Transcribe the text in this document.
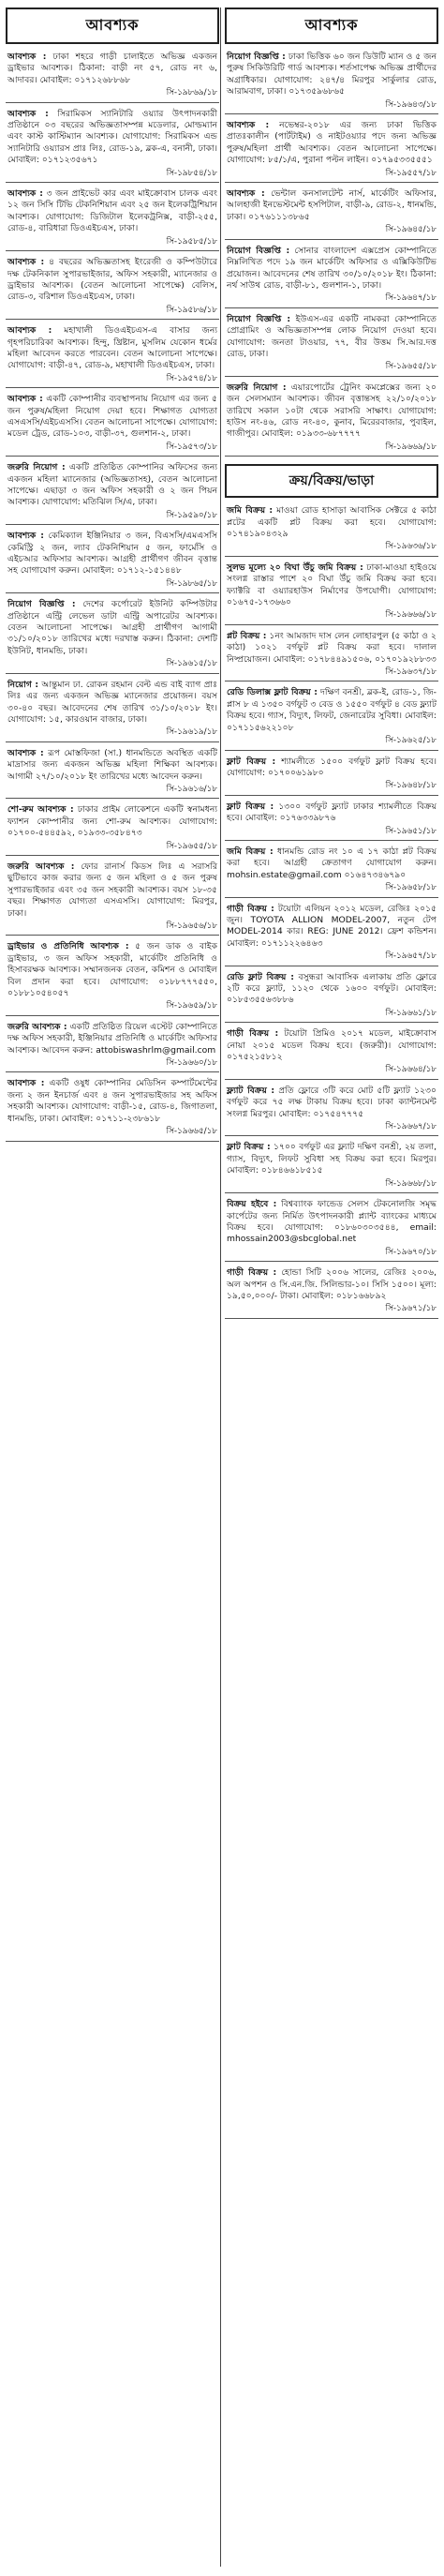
আবশ্যক
আবশ্যক : ঢাকা শহরে গাড়ী চালাইতে অভিজ্ঞ একজন ড্রাইভার আবশ্যক। ঠিকানা: বাড়ী নং ৫৭, রোড নং ৬, আদাবর। মোবাইল: ০১৭১২৬৮৮৬৮
সি-১৯৮৬৯/১৮
আবশ্যক : সিরামিকস স্যানিটারি ওয়্যার উৎপাদনকারী প্রতিষ্ঠানে ০৩ বছরের অভিজ্ঞতাসম্পন্ন মডেলার, মোল্ডম্যান এবং কাস্ট কাস্টিম্যান আবশ্যক। যোগাযোগ: সিরামিকস এন্ড স্যানিটারি ওয়্যারস প্রাঃ লিঃ, রোড-১৯, ব্লক-এ, বনানী, ঢাকা। মোবাইল: ০১৭১২৩৫৬৭১
সি-১৯৮৫৪/১৮
আবশ্যক : ৩ জন প্রাইভেট কার এবং মাইক্রোবাস চালক এবং ১২ জন সিসি টিভি টেকনিশিয়ান এবং ২৫ জন ইলেকট্রিশিয়ান আবশ্যক। যোগাযোগ: ডিজিটাল ইলেকট্রনিক্স, বাড়ী-২৫৫, রোড-৪, বারিধারা ডিওএইচএস, ঢাকা।
সি-১৯৫৮৫/১৮
আবশ্যক : ৪ বছরের অভিজ্ঞতাসহ ইংরেজী ও কম্পিউটারে দক্ষ টেকনিকাল সুপারভাইজার, অফিস সহকারী, ম্যানেজার ও ড্রাইভার আবশ্যক। (বেতন আলোচনা সাপেক্ষে) বেলিস, রোড-৩, বরিশাল ডিওএইচএস, ঢাকা।
সি-১৯৫৮৬/১৮
আবশ্যক : মহাখালী ডিওএইচএস-এ বাসার জন্য গৃহপরিচারিকা আবশ্যক। হিন্দু, খ্রিষ্টান, মুসলিম যেকোন ধর্মের মহিলা আবেদন করতে পারবেন। বেতন আলোচনা সাপেক্ষে। যোগাযোগ: বাড়ী-৪৭, রোড-৯, মহাখালী ডিওএইচএস, ঢাকা।
সি-১৯৫৭৪/১৮
আবশ্যক : একটি কোম্পানীর ব্যবস্থাপনায় নিয়োগ এর জন্য ৫ জন পুরুষ/মহিলা নিয়োগ দেয়া হবে। শিক্ষাগত যোগ্যতা এসএসসি/এইচএসসি। বেতন আলোচনা সাপেক্ষে। যোগাযোগ: মডেল ট্রেড, রোড-১০৩, বাড়ী-৩৭, গুলশান-২, ঢাকা।
সি-১৯৫৭৩/১৮
জরুরি নিয়োগ : একটি প্রতিষ্ঠিত কোম্পানির অফিসের জন্য একজন মহিলা ম্যানেজার (অভিজ্ঞতাসহ), বেতন আলোচনা সাপেক্ষে। এছাড়া ৩ জন অফিস সহকারী ও ২ জন পিয়ন আবশ্যক। যোগাযোগ: মতিঝিল সি/এ, ঢাকা।
সি-১৯৫৯০/১৮
আবশ্যক : কেমিক্যাল ইঞ্জিনিয়ার ৩ জন, বিএসসি/এমএসসি কেমিস্ট্রি ২ জন, ল্যাব টেকনিশিয়ান ৫ জন, ফার্মেসি ও এইচআর অফিসার আবশ্যক। আগ্রহী প্রার্থীগণ জীবন বৃত্তান্ত সহ যোগাযোগ করুন। মোবাইল: ০১৭১২-১৫১৪৪৮
সি-১৯৮৬৫/১৮
নিয়োগ বিজ্ঞপ্তি : দেশের কর্পোরেট ইউনিট কম্পিউটার প্রতিষ্ঠানে এন্ট্রি লেভেল ডাটা এন্ট্রি অপারেটর আবশ্যক। বেতন আলোচনা সাপেক্ষে। আগ্রহী প্রার্থীগণ আগামী ৩১/১০/২০১৮ তারিখের মধ্যে দরখাস্ত করুন। ঠিকানা: দেশটি ইউনিট, ধানমন্ডি, ঢাকা।
সি-১৯৬১৫/১৮
নিয়োগ : আন্তুমান ঢা. রোকন রহমান বেল্ট এন্ড বাই ব্যাগ প্রাঃ লিঃ এর জন্য একজন অভিজ্ঞ ম্যানেজার প্রয়োজন। বয়স ৩০-৪০ বছর। আবেদনের শেষ তারিখ ৩১/১০/২০১৮ ইং। যোগাযোগ: ১৫, কারওয়ান বাজার, ঢাকা।
সি-১৯৬১৯/১৮
আবশ্যক : রূপ মোস্তফিজা (সা.) ধানমন্ডিতে অবস্থিত একটি মাদ্রাসার জন্য একজন অভিজ্ঞ মহিলা শিক্ষিকা আবশ্যক। আগামী ২৭/১০/২০১৮ ইং তারিখের মধ্যে আবেদন করুন।
সি-১৯৬১৬/১৮
শো-রুম আবশ্যক : ঢাকার প্রাইম লোকেশনে একটি স্বনামধন্য ফ্যাশন কোম্পানীর জন্য শো-রুম আবশ্যক। যোগাযোগ: ০১৭০০-৫৪৪৫৯২, ০১৯৩৩-৩৫৮৪৭৩
সি-১৯৬৫৫/১৮
জরুরি আবশ্যক : ফোর রানার্স কিডস লিঃ এ সরাসরি ছুটিভাবে কাজ করার জন্য ৫ জন মহিলা ও ৫ জন পুরুষ সুপারভাইজার এবং ৩৫ জন সহকারী আবশ্যক। বয়স ১৮-৩৫ বছর। শিক্ষাগত যোগ্যতা এসএসসি। যোগাযোগ: মিরপুর, ঢাকা।
সি-১৯৬৫৬/১৮
ড্রাইভার ও প্রতিনিধি আবশ্যক : ৫ জন ডাক ও বাইক ড্রাইভার, ৩ জন অফিস সহকারী, মার্কেটিং প্রতিনিধি ও হিসাবরক্ষক আবশ্যক। সম্মানজনক বেতন, কমিশন ও মোবাইল বিল প্রদান করা হবে। যোগাযোগ: ০১৮৮৭৭৭৫৫০, ০১৮৮১০৫৪০৫৭
সি-১৯৬৫৯/১৮
জরুরি আবশ্যক : একটি প্রতিষ্ঠিত রিয়েল এস্টেট কোম্পানিতে দক্ষ অফিস সহকারী, ইঞ্জিনিয়ার প্রতিনিধি ও মার্কেটিং অফিসার আবশ্যক। আবেদন করুন: attobiswashrlm@gmail.com
সি-১৯৬৬০/১৮
আবশ্যক : একটি ওষুধ কোম্পানির মেডিসিন কম্পার্টমেন্টের জন্য ২ জন ইনচার্জ এবং ৪ জন সুপারভাইজার সহ অফিস সহকারী আবশ্যক। যোগাযোগ: বাড়ী-১৫, রোড-৪, জিগাতলা, ধানমন্ডি, ঢাকা। মোবাইল: ০১৭১১-২৩৮৬১৮
সি-১৯৬৬৫/১৮
আবশ্যক
নিয়োগ বিজ্ঞপ্তি : ঢাকা ভিত্তিক ৬০ জন ডিউটি ম্যান ও ৫ জন পুরুষ সিকিউরিটি গার্ড আবশ্যক। শর্তসাপেক্ষ অভিজ্ঞ প্রার্থীদের অগ্রাধিকার। যোগাযোগ: ২৪৭/৪ মিরপুর সার্কুলার রোড, আরামবাগ, ঢাকা। ০১৭৩৫৯৬৮৬৫
সি-১৯৬৪৩/১৮
আবশ্যক : নভেম্বর-২০১৮ এর জন্য ঢাকা ভিত্তিক প্রাতঃকালীন (পার্টটাইম) ও নাইটওয়্যার পদে জন্য অভিজ্ঞ পুরুষ/মহিলা প্রার্থী আবশ্যক। বেতন আলোচনা সাপেক্ষে। যোগাযোগ: ৮৫/১/এ, পুরানা পল্টন লাইন। ০১৭৯৫৩৩৫৫৫১
সি-১৯৫৫৭/১৮
আবশ্যক : ভেন্টাল কনসালটেন্ট নার্স, মার্কেটিং অফিসার, আলহাজী ইনভেস্টমেন্ট হসপিটাল, বাড়ী-৯, রোড-২, ধানমন্ডি, ঢাকা। ০১৭৬১১১৩৮৬৫
সি-১৯৬৪৫/১৮
নিয়োগ বিজ্ঞপ্তি : সোনার বাংলাদেশ এক্সপ্রেস কোম্পানিতে নিম্নলিখিত পদে ১৯ জন মার্কেটিং অফিসার ও এক্সিকিউটিভ প্রয়োজন। আবেদনের শেষ তারিখ ৩০/১০/২০১৮ ইং। ঠিকানা: নর্থ সাউথ রোড, বাড়ী-৮১, গুলশান-১, ঢাকা।
সি-১৯৬৪৭/১৮
নিয়োগ বিজ্ঞপ্তি : ইউএস-এর একটি নামকরা কোম্পানিতে প্রোগ্রামিং ও অভিজ্ঞতাসম্পন্ন লোক নিয়োগ দেওয়া হবে। যোগাযোগ: জনতা টাওয়ার, ৭৭, বীর উত্তম সি.আর.দত্ত রোড, ঢাকা।
সি-১৯৬৫৫/১৮
জরুরি নিয়োগ : এয়ারপোর্টের ট্রেনিং কমপ্লেক্সের জন্য ২০ জন সেলসম্যান আবশ্যক। জীবন বৃত্তান্তসহ ২২/১০/২০১৮ তারিখে সকাল ১০টা থেকে সরাসরি সাক্ষাৎ। যোগাযোগ: হাউস নং-৪৬, রোড নং-৪০, কুনাব, মিরেরবাজার, পুবাইল, গাজীপুর। মোবাইল: ০১৯৩৩-৬৮৭৭৭৭
সি-১৯৬৬৯/১৮
ক্রয়/বিক্রয়/ভাড়া
জমি বিক্রয় : মাওয়া রোড হাসাড়া আবাসিক সেক্টরে ৫ কাঠা প্লটের একটি প্লট বিক্রয় করা হবে। যোগাযোগ: ০১৭৪১৯০৪৩২৯
সি-১৯৬৩৬/১৮
সুলভ মূল্যে ২০ বিঘা উঁচু জমি বিক্রয় : ঢাকা-মাওয়া হাইওয়ে সংলগ্ন রাস্তার পাশে ২০ বিঘা উঁচু জমি বিক্রয় করা হবে। ফ্যাক্টরি বা ওয়্যারহাউস নির্মাণের উপযোগী। যোগাযোগ: ০১৬৭৫-১৭৩৬৬০
সি-১৯৬৬৬/১৮
প্লট বিক্রয় : ১নং আমজাদ দাস লেন লোহারপুল (৫ কাঠা ও ২ কাঠা) ১০২১ বর্গফুট প্লট বিক্রয় করা হবে। দালাল নিষ্প্রয়োজন। মোবাইল: ০১৭৮৪৪৯১৫০৬, ০১৭০১৯২৮৮৩৩
সি-১৯৬৩৭/১৮
রেডি ডিলাক্স ফ্লাট বিক্রয় : দক্ষিণ বনশ্রী, ব্লক-ই, রোড-১, জি-প্লাস ৮ এ ১৩৫০ বর্গফুট ৩ বেড ও ১৫৫০ বর্গফুট ৪ বেড ফ্ল্যাট বিক্রয় হবে। গ্যাস, বিদ্যুৎ, লিফট, জেনারেটর সুবিধা। মোবাইল: ০১৭১১৫৬২২১০৮
সি-১৯৬২৫/১৮
ফ্লাট বিক্রয় : শ্যামলীতে ১৫০০ বর্গফুট ফ্লাট বিক্রয় হবে। যোগাযোগ: ০১৭০০৬১৯৮০
সি-১৯৬৪৮/১৮
ফ্লাট বিক্রয় : ১৩০০ বর্গফুট ফ্ল্যাট ঢাকার শ্যামলীতে বিক্রয় হবে। মোবাইল: ০১৭৬৩৩৯৮৭৬
সি-১৯৬৫১/১৮
জমি বিক্রয় : ধানমন্ডি রোড নং ১০ এ ১৭ কাঠা প্লট বিক্রয় করা হবে। আগ্রহী ক্রেতাগণ যোগাযোগ করুন। mohsin.estate@gmail.com ০১৬৪৭৩৪৬৭৯০
সি-১৯৬৫৮/১৮
গাড়ী বিক্রয় : টয়োটা এলিয়ন ২০১২ মডেল, রেজিঃ ২০১৫ জুন। TOYOTA ALLION MODEL-2007, নতুন টেপ MODEL-2014 কার। REG: JUNE 2012। ফ্রেশ কন্ডিশন। মোবাইল: ০১৭১১২২৬৪৬৩
সি-১৯৬৫৭/১৮
রেডি ফ্লাট বিক্রয় : বসুন্ধরা আবাসিক এলাকায় প্রতি ফ্লোরে ২টি করে ফ্ল্যাট, ১১২০ থেকে ১৬০০ বর্গফুট। মোবাইল: ০১৮৫৩৫৫৬৩৮৮৬
সি-১৯৬৬১/১৮
গাড়ী বিক্রয় : টয়োটা প্রিমিও ২০১৭ মডেল, মাইক্রোবাস নোয়া ২০১৫ মডেল বিক্রয় হবে। (জরুরী)। যোগাযোগ: ০১৭৫২১৫৮১২
সি-১৯৬৬৪/১৮
ফ্ল্যাট বিক্রয় : প্রতি ফ্লোরে ৩টি করে মোট ৫টি ফ্ল্যাট ১২৩০ বর্গফুট করে ৭৫ লক্ষ টাকায় বিক্রয় হবে। ঢাকা ক্যান্টনমেন্ট সংলগ্ন মিরপুর। মোবাইল: ০১৭৫৪৭৭৭৫
সি-১৯৬৬৭/১৮
ফ্লাট বিক্রয় : ১৭০০ বর্গফুট এর ফ্ল্যাট দক্ষিণ বনশ্রী, ২য় তলা, গ্যাস, বিদ্যুৎ, লিফট সুবিধা সহ বিক্রয় করা হবে। মিরপুর। মোবাইল: ০১৮৪৬৬১৮৫১৫
সি-১৯৬৬৮/১৮
বিক্রয় হইবে : বিশ্বব্যাংক ফান্ডেড সেলস টেকনোলজি সমৃদ্ধ কার্পেটের জন্য নির্মিত উৎপাদনকারী প্ল্যান্ট ব্যাংকের মাধ্যমে বিক্রয় হবে। যোগাযোগ: ০১৮৬০৩০৩৫৪৪, email: mhossain2003@sbcglobal.net
সি-১৯৬৭০/১৮
গাড়ী বিক্রয় : হোন্ডা সিটি ২০০৬ সালের, রেজিঃ ২০০৬, অল অপশন ও সি.এন.জি. সিলিন্ডার-১০। সিসি ১৫০০। মূল্য: ১৯,৫০,০০০/- টাকা। মোবাইল: ০১৮১৬৬৮৯২
সি-১৯৬৭১/১৮
